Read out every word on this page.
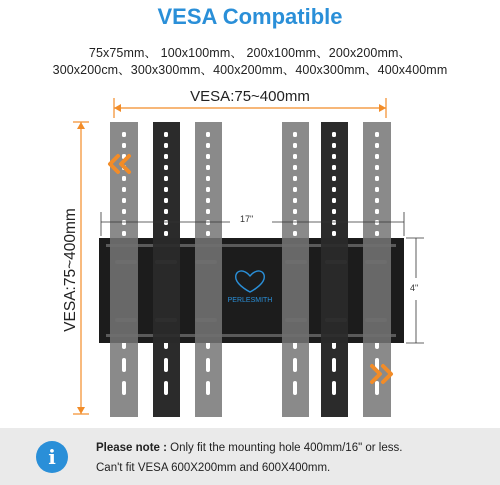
VESA Compatible
75x75mm、 100x100mm、 200x100mm、200x200mm、
300x200cm、300x300mm、400x200mm、400x300mm、400x400mm
PERLESMITH
VESA:75~400mm
VESA:75~400mm	17"
4"
i	Please note : Only fit the mounting hole 400mm/16" or less.
Can't fit VESA 600X200mm and 600X400mm.
